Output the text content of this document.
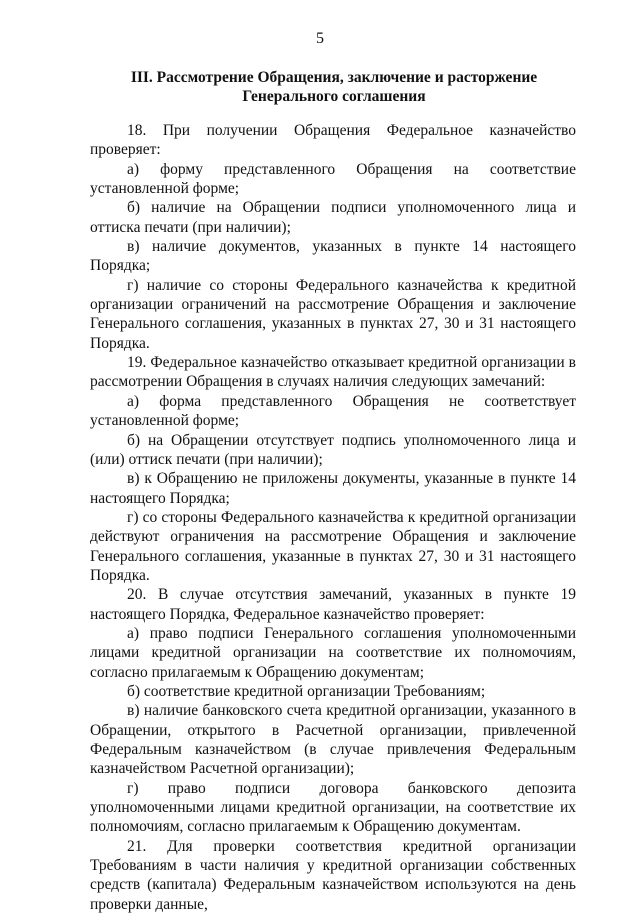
5
III. Рассмотрение Обращения, заключение и расторжение
Генерального соглашения

18. При получении Обращения Федеральное казначейство проверяет:

а) форму представленного Обращения на соответствие установленной форме;

б) наличие на Обращении подписи уполномоченного лица и оттиска печати (при наличии);

в) наличие документов, указанных в пункте 14 настоящего Порядка;

г) наличие со стороны Федерального казначейства к кредитной организации ограничений на рассмотрение Обращения и заключение Генерального соглашения, указанных в пунктах 27, 30 и 31 настоящего Порядка.

19. Федеральное казначейство отказывает кредитной организации в рассмотрении Обращения в случаях наличия следующих замечаний:

а) форма представленного Обращения не соответствует установленной форме;

б) на Обращении отсутствует подпись уполномоченного лица и (или) оттиск печати (при наличии);

в) к Обращению не приложены документы, указанные в пункте 14 настоящего Порядка;

г) со стороны Федерального казначейства к кредитной организации действуют ограничения на рассмотрение Обращения и заключение Генерального соглашения, указанные в пунктах 27, 30 и 31 настоящего Порядка.

20. В случае отсутствия замечаний, указанных в пункте 19 настоящего Порядка, Федеральное казначейство проверяет:

а) право подписи Генерального соглашения уполномоченными лицами кредитной организации на соответствие их полномочиям, согласно прилагаемым к Обращению документам;

б) соответствие кредитной организации Требованиям;

в) наличие банковского счета кредитной организации, указанного в Обращении, открытого в Расчетной организации, привлеченной Федеральным казначейством (в случае привлечения Федеральным казначейством Расчетной организации);

г) право подписи договора банковского депозита уполномоченными лицами кредитной организации, на соответствие их полномочиям, согласно прилагаемым к Обращению документам.

21. Для проверки соответствия кредитной организации Требованиям в части наличия у кредитной организации собственных средств (капитала) Федеральным казначейством используются на день проверки данные,
